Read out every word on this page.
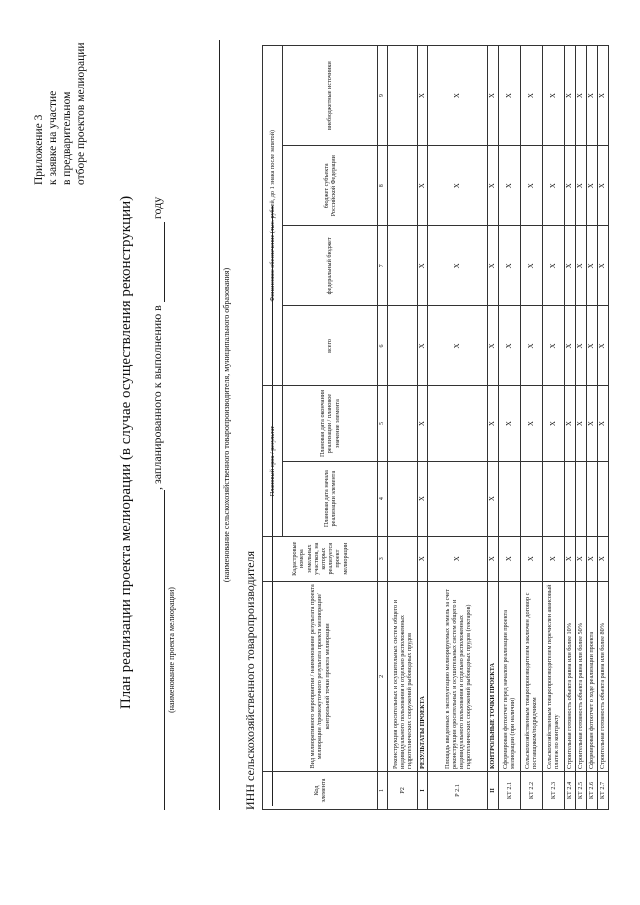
Приложение 3 к заявке на участие в предварительном отборе проектов мелиорации
План реализации проекта мелиорации (в случае осуществления реконструкции) , запланированного к выполнению в  году
(наименование проекта мелиорации)
(наименование сельскохозяйственного товаропроизводителя, муниципального образования)
ИНН сельскохозяйственного товаропроизводителя	Код элемента	Вид мелиоративного мероприятия / наименование результата проекта мелиорации /промежуточного результата проекта мелиорации/ контрольной точки проекта мелиорации	Кадастровые номера земельных участков, на которых реализуется проект мелиорации	Плановый срок / результат		Финансовое обеспечение (тыс. рублей, до 1 знака после запятой)			
			Плановая дата начала реализации элемента	Плановая дата окончания реализации / плановое значение элемента	всего	федеральный бюджет	бюджет субъекта Российской Федерации	внебюджетные источники
1	2	3	4	5	6	7	8	9
Р2	Реконструкция оросительных и осушительных систем общего и индивидуального пользования и отдельно расположенных гидротехнических сооружений рыбоводных прудов							
I	РЕЗУЛЬТАТЫ ПРОЕКТА	X	X	X	X	X	X	X
Р 2.1	Площадь введенных в эксплуатацию мелиорируемых земель за счет реконструкции оросительных и осушительных систем общего и индивидуального пользования и отдельно расположенных гидротехнических сооружений рыбоводных прудов (гектаров)	X			X	X	X	X
II	КОНТРОЛЬНЫЕ ТОЧКИ ПРОЕКТА	X	X	X	X	X	X	X
КТ 2.1	Сформирован фотоотчет перед началом реализации проекта мелиорации (при наличии)	X		X	X	X	X	X
КТ 2.2	Сельскохозяйственным товаропроизводителем заключен договор с поставщиком/подрядчиком	X		X	X	X	X	X
КТ 2.3	Сельскохозяйственным товаропроизводителем перечислен авансовый платеж по контракту	X		X	X	X	X	X
КТ 2.4	Строительная готовность объекта равна или более 10%	X		X	X	X	X	X
КТ 2.5	Строительная готовность объекта равна или более 50%	X		X	X	X	X	X
КТ 2.6	Сформирован фотоотчет о ходе реализации проекта	X		X	X	X	X	X
КТ 2.7	Строительная готовность объекта равна или более 80%	X		X	X	X	X	X
